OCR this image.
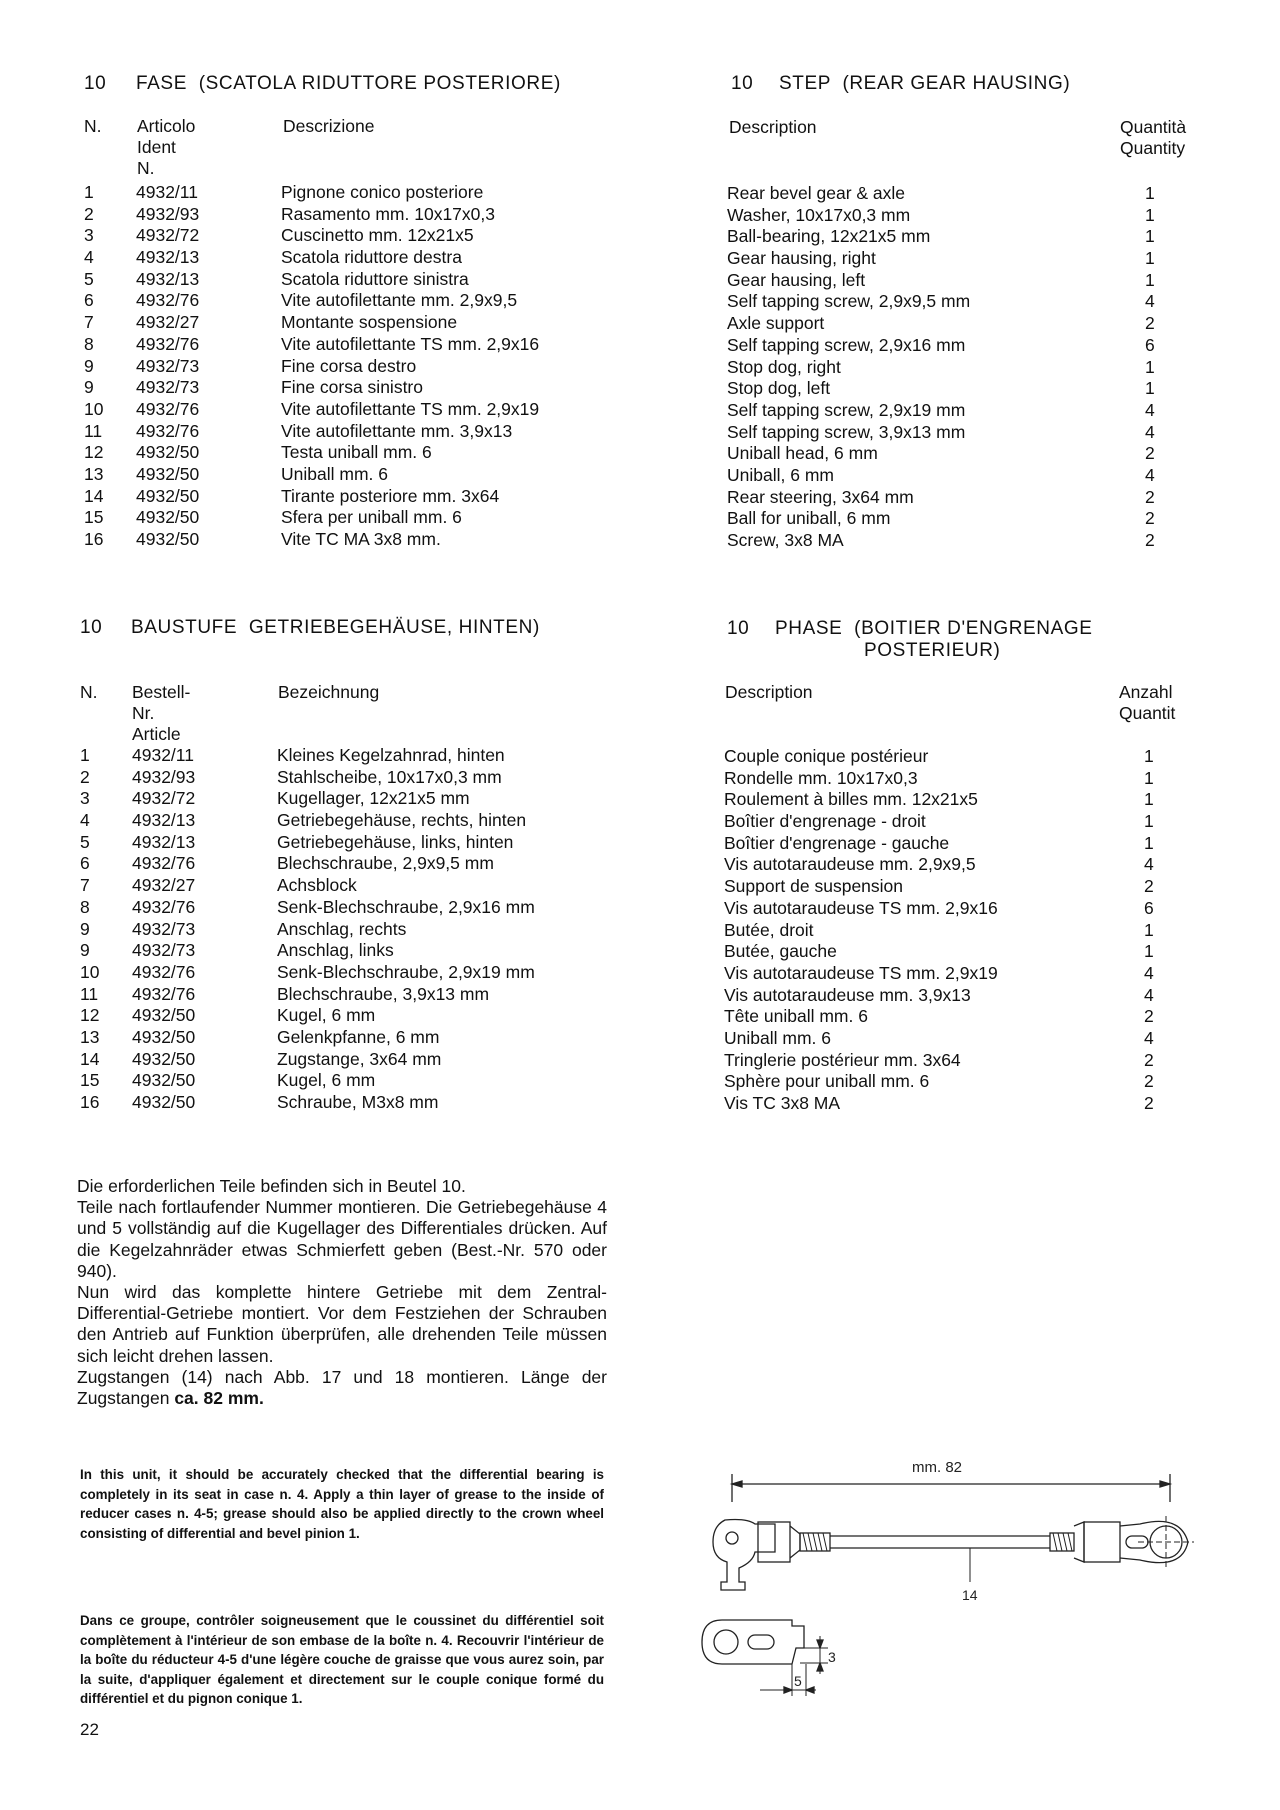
10

FASE  (SCATOLA RIDUTTORE POSTERIORE)

N. Articolo
Ident N.
Descrizione
1 4932/11	Pignone conico posteriore
2 4932/93	Rasamento mm. 10x17x0,3
3 4932/72	Cuscinetto mm. 12x21x5
4 4932/13	Scatola riduttore destra
5 4932/13	Scatola riduttore sinistra
6 4932/76	Vite autofilettante mm. 2,9x9,5
7 4932/27	Montante sospensione
8 4932/76	Vite autofilettante TS mm. 2,9x16
9 4932/73	Fine corsa destro
9 4932/73	Fine corsa sinistro
10 4932/76	Vite autofilettante TS mm. 2,9x19
11 4932/76	Vite autofilettante mm. 3,9x13
12 4932/50	Testa uniball mm. 6
13 4932/50	Uniball mm. 6
14 4932/50	Tirante posteriore mm. 3x64
15 4932/50	Sfera per uniball mm. 6
16 4932/50	Vite TC MA 3x8 mm.

10

STEP  (REAR GEAR HAUSING)

Description	Quantità
Quantity
Rear bevel gear & axle	1
Washer, 10x17x0,3 mm	1
Ball-bearing, 12x21x5 mm	1
Gear hausing, right	1
Gear hausing, left	1
Self tapping screw, 2,9x9,5 mm	4
Axle support	2
Self tapping screw, 2,9x16 mm	6
Stop dog, right	1
Stop dog, left	1
Self tapping screw, 2,9x19 mm	4
Self tapping screw, 3,9x13 mm	4
Uniball head, 6 mm	2
Uniball, 6 mm	4
Rear steering, 3x64 mm	2
Ball for uniball, 6 mm	2
Screw, 3x8 MA	2

10

BAUSTUFE  GETRIEBEGEHÄUSE, HINTEN)

N. Bestell-Nr.
Article
Bezeichnung
1 4932/11	Kleines Kegelzahnrad, hinten
2 4932/93	Stahlscheibe, 10x17x0,3 mm
3 4932/72	Kugellager, 12x21x5 mm
4 4932/13	Getriebegehäuse, rechts, hinten
5 4932/13	Getriebegehäuse, links, hinten
6 4932/76	Blechschraube, 2,9x9,5 mm
7 4932/27	Achsblock
8 4932/76	Senk-Blechschraube, 2,9x16 mm
9 4932/73	Anschlag, rechts
9 4932/73	Anschlag, links
10 4932/76	Senk-Blechschraube, 2,9x19 mm
11 4932/76	Blechschraube, 3,9x13 mm
12 4932/50	Kugel, 6 mm
13 4932/50	Gelenkpfanne, 6 mm
14 4932/50	Zugstange, 3x64 mm
15 4932/50	Kugel, 6 mm
16 4932/50	Schraube, M3x8 mm

10

PHASE  (BOITIER D'ENGRENAGE

POSTERIEUR)

Description	Anzahl
Quantit
Couple conique postérieur	1
Rondelle mm. 10x17x0,3	1
Roulement à billes mm. 12x21x5	1
Boîtier d'engrenage - droit	1
Boîtier d'engrenage - gauche	1
Vis autotaraudeuse mm. 2,9x9,5	4
Support de suspension	2
Vis autotaraudeuse TS mm. 2,9x16	6
Butée, droit	1
Butée, gauche	1
Vis autotaraudeuse TS mm. 2,9x19	4
Vis autotaraudeuse mm. 3,9x13	4
Tête uniball mm. 6	2
Uniball mm. 6	4
Tringlerie postérieur mm. 3x64	2
Sphère pour uniball mm. 6	2
Vis TC 3x8 MA	2

Die erforderlichen Teile befinden sich in Beutel 10.

Teile nach fortlaufender Nummer montieren. Die Getriebegehäuse 4 und 5 vollständig auf die Kugellager des Differentiales drücken. Auf die Kegelzahnräder etwas Schmierfett geben (Best.-Nr. 570 oder 940).

Nun wird das komplette hintere Getriebe mit dem Zentral-Differential-Getriebe montiert. Vor dem Festziehen der Schrauben den Antrieb auf Funktion überprüfen, alle drehenden Teile müssen sich leicht drehen lassen.

Zugstangen (14) nach Abb. 17 und 18 montieren. Länge der Zugstangen ca. 82 mm.

In this unit, it should be accurately checked that the differential bearing is completely in its seat in case n. 4. Apply a thin layer of grease to the inside of reducer cases n. 4-5; grease should also be applied directly to the crown wheel consisting of differential and bevel pinion 1.

Dans ce groupe, contrôler soigneusement que le coussinet du différentiel soit complètement à l'intérieur de son embase de la boîte n. 4. Recouvrir l'intérieur de la boîte du réducteur 4-5 d'une légère couche de graisse que vous aurez soin, par la suite, d'appliquer également et directement sur le couple conique formé du différentiel et du pignon conique 1.

mm. 82
14
3
5
22
